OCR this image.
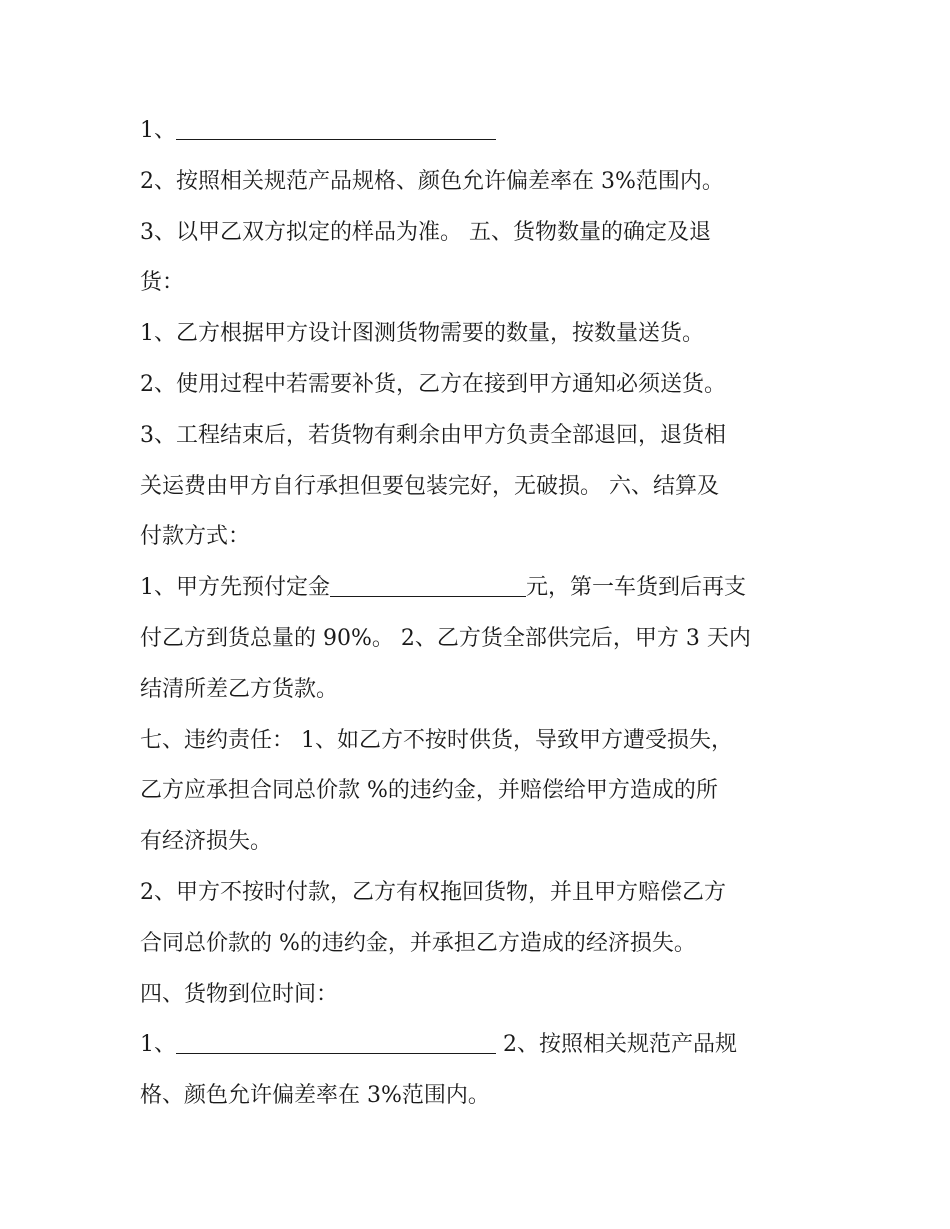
1、
2、按照相关规范产品规格、颜色允许偏差率在 3%范围内。
3、以甲乙双方拟定的样品为准。 五、货物数量的确定及退
货：
1、乙方根据甲方设计图测货物需要的数量，按数量送货。
2、使用过程中若需要补货，乙方在接到甲方通知必须送货。
3、工程结束后，若货物有剩余由甲方负责全部退回，退货相
关运费由甲方自行承担但要包装完好，无破损。 六、结算及
付款方式：
1、甲方先预付定金	元，第一车货到后再支
付乙方到货总量的 90%。 2、乙方货全部供完后，甲方 3 天内
结清所差乙方货款。
七、违约责任： 1、如乙方不按时供货，导致甲方遭受损失，
乙方应承担合同总价款 %的违约金，并赔偿给甲方造成的所
有经济损失。
2、甲方不按时付款，乙方有权拖回货物，并且甲方赔偿乙方
合同总价款的 %的违约金，并承担乙方造成的经济损失。
四、货物到位时间：
1、	2、按照相关规范产品规
格、颜色允许偏差率在 3%范围内。
